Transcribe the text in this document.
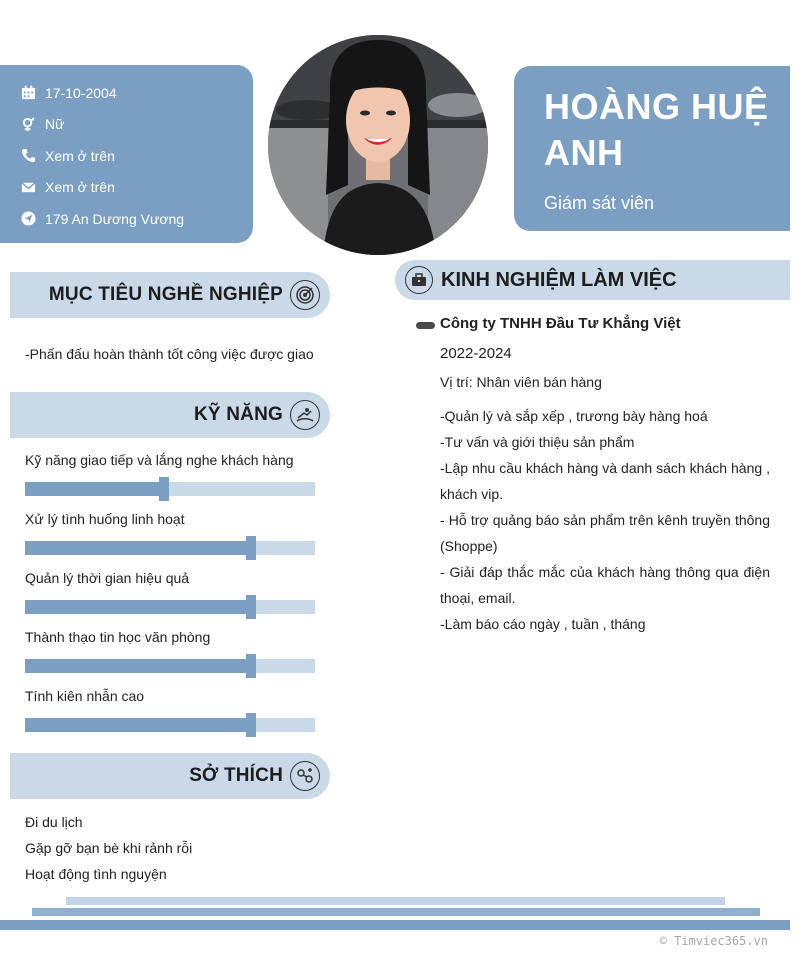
17-10-2004
Nữ
Xem ở trên
Xem ở trên
179 An Dương Vương
HOÀNG HUỆ ANH
Giám sát viên
MỤC TIÊU NGHỀ NGHIỆP
-Phấn đấu hoàn thành tốt công việc được giao
KỸ NĂNG
Kỹ năng giao tiếp và lắng nghe khách hàng
Xử lý tình huống linh hoạt
Quản lý thời gian hiệu quả
Thành thạo tin học văn phòng
Tính kiên nhẫn cao
SỞ THÍCH
Đi du lịch
Gặp gỡ bạn bè khi rảnh rỗi
Hoạt động tình nguyện
KINH NGHIỆM LÀM VIỆC
Công ty TNHH Đầu Tư Khẳng Việt
2022-2024
Vị trí: Nhân viên bán hàng
-Quản lý và sắp xếp , trương bày hàng hoá
-Tư vấn và giới thiệu sản phẩm
-Lập nhu cầu khách hàng và danh sách khách hàng , khách vip.
- Hỗ trợ quảng báo sản phẩm trên kênh truyền thông (Shoppe)
- Giải đáp thắc mắc của khách hàng thông qua điện thoại, email.
-Làm báo cáo ngày , tuần , tháng
© Timviec365.vn
